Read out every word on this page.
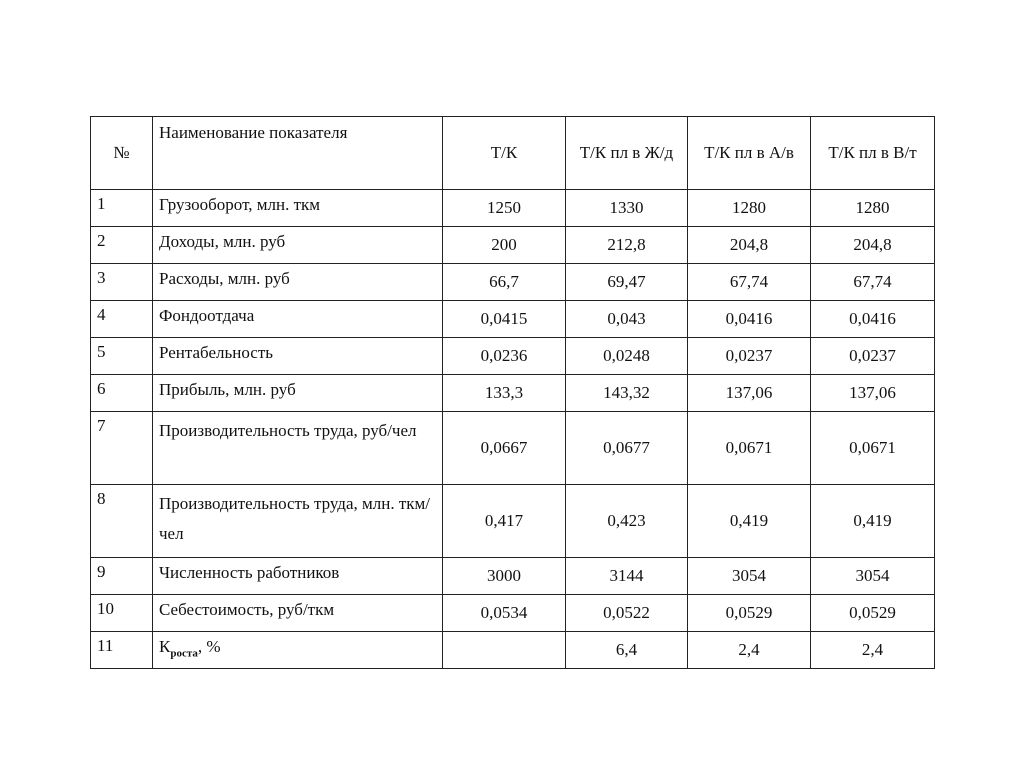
№	Наименование показателя	Т/К	Т/К пл в Ж/д	Т/К пл в А/в	Т/К пл в В/т
1	Грузооборот, млн. ткм	1250	1330	1280	1280
2	Доходы, млн. руб	200	212,8	204,8	204,8
3	Расходы, млн. руб	66,7	69,47	67,74	67,74
4	Фондоотдача	0,0415	0,043	0,0416	0,0416
5	Рентабельность	0,0236	0,0248	0,0237	0,0237
6	Прибыль, млн. руб	133,3	143,32	137,06	137,06
7	Производительность труда, руб/чел	0,0667	0,0677	0,0671	0,0671
8	Производительность труда, млн. ткм/чел	0,417	0,423	0,419	0,419
9	Численность работников	3000	3144	3054	3054
10	Себестоимость, руб/ткм	0,0534	0,0522	0,0529	0,0529
11	$К_{роста}$, %		6,4	2,4	2,4
